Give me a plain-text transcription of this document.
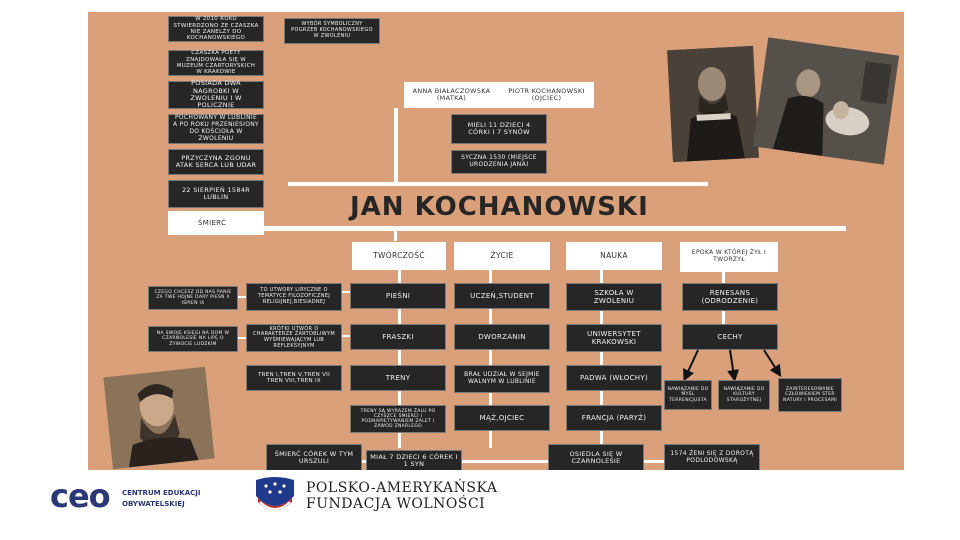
JAN KOCHANOWSKI
ANNA BIAŁACZOWSKA (MATKA)
PIOTR KOCHANOWSKI (OJCIEC)
MIELI 11 DZIECI 4 CÓRKI I 7 SYNÓW
SYCZNA 1530 (MIEJSCE URODZENIA JANA)
W 2010 ROKU STWIERDZONO ŻE CZASZKA NIE ZANELŻY DO KOCHANOWSKIEGO
CZASZKA POETY ZNAJDOWAŁA SIĘ W MUZEUM CZARTORYSKICH W KRAKOWIE
POSIADA DWA NAGROBKI W ZWOLENIU I W POLICZNIE
POCHOWANY W LUBLINIE A PO ROKU PRZENIESIONY DO KOŚCIOŁA W ZWOLENIU
PRZYCZYNA ZGONU ATAK SERCA LUB UDAR
22 SIERPIEŃ 1584R LUBLIN
ŚMIERĆ
WYBÓR SYMBOLICZNY POGRZEB KOCHANOWSKIEGO W ZWOLENIU
TWÓRCZOŚĆ	ŻYCIE	NAUKA	EPOKA W KTÓREJ ŻYŁ I TWORZYŁ
PIEŚNI
FRASZKI
TRENY
TRENY SĄ WYRAZEM ŻALU PO CZYSZCE ŚMIERCI I PODNAPIETYWANIEM ZALET I ZAWÓD ZNARLEGO
TO UTWORY LIRYCZNE O TEMATYCE FILOZOFICZNEJ RELIGIJNEJ,BIESIADNEJ
KRÓTKI UTWÓR O CHARAKTERZE ŻARTOBLIWYM WYŚMIEWAJĄCYM LUB REFLEKSYJNYM
TREN I,TREN V,TREN VII TREN VIII,TREN IX
CZEGO CHCESZ OD NAS PANIE ZA TWE HOJNE DARY PIEŚŃ II IŚPIEŃ IX
NA SWOJE KSIĘGI NA DOM W CZARNOLESIE NA LIPĘ O ŻYWOCIE LUDZKIM
UCZEŃ,STUDENT
DWORZANIN
BRAŁ UDZIAŁ W SEJMIE WALNYM W LUBLINIE
MĄŻ,OJCIEC
SZKOŁA W ZWOLENIU
UNIWERSYTET KRAKOWSKI
PADWA (WŁOCHY)
FRANCJA (PARYŻ)
RENESANS (ODRODZENIE)
CECHY
NAWIĄZANIE DO MYŚL TERRENCJUSTA
NAWIĄZANIE DO KULTURY STAROŻYTNEJ
ZAINTERESOWANIE CZŁOWIEKIEM STER NATURY I PROCESAMI
ŚMIERĆ CÓREK W TYM URSZULI
MIAŁ 7 DZIECI 6 CÓREK I 1 SYN
OSIEDLA SIĘ W CZARNOLESIE
1574 ŻENI SIĘ Z DOROTĄ PODLODOWSKĄ
ceo CENTRUM EDUKACJI
OBYWATELSKIEJ
POLSKO-AMERYKAŃSKA
FUNDACJA WOLNOŚCI
